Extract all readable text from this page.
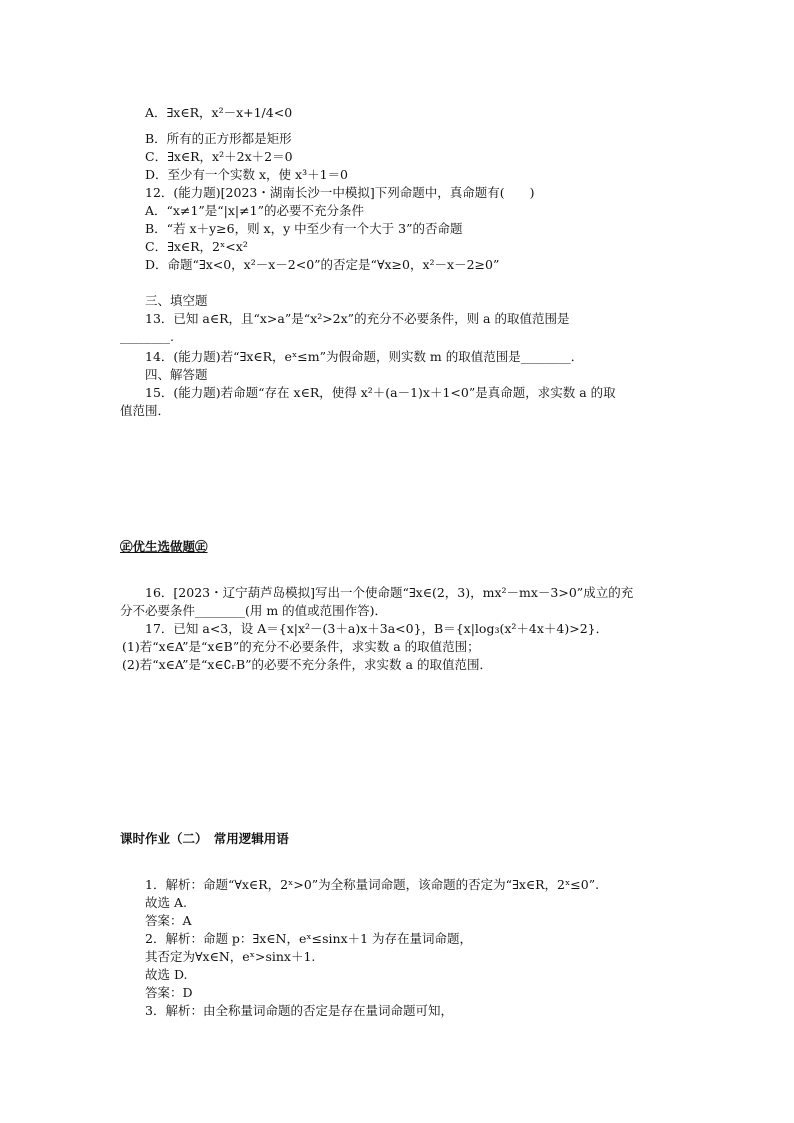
A．∃x∈R，x²－x+1/4<0
B．所有的正方形都是矩形
C．∃x∈R，x²＋2x＋2＝0
D．至少有一个实数 x，使 x³＋1＝0
12．(能力题)[2023・湖南长沙一中模拟]下列命题中，真命题有(　　)
A．“x≠1”是“|x|≠1”的必要不充分条件
B．“若 x＋y≥6，则 x，y 中至少有一个大于 3”的否命题
C．∃x∈R，2ˣ<x²
D．命题“∃x<0，x²－x－2<0”的否定是“∀x≥0，x²－x－2≥0”
三、填空题
13．已知 a∈R，且“x>a”是“x²>2x”的充分不必要条件，则 a 的取值范围是
________.
14．(能力题)若“∃x∈R，eˣ≤m”为假命题，则实数 m 的取值范围是________．
四、解答题
15．(能力题)若命题“存在 x∈R，使得 x²＋(a－1)x＋1<0”是真命题，求实数 a 的取
值范围．
㊣优生选做题㊣
16．[2023・辽宁葫芦岛模拟]写出一个使命题“∃x∈(2，3)，mx²－mx－3>0”成立的充
分不必要条件________(用 m 的值或范围作答)．
17．已知 a<3，设 A＝{x|x²－(3＋a)x＋3a<0}，B＝{x|log₃(x²＋4x＋4)>2}．
(1)若“x∈A”是“x∈B”的充分不必要条件，求实数 a 的取值范围；
(2)若“x∈A”是“x∈∁ᵣB”的必要不充分条件，求实数 a 的取值范围．
课时作业（二）　常用逻辑用语
1．解析：命题“∀x∈R，2ˣ>0”为全称量词命题，该命题的否定为“∃x∈R，2ˣ≤0”.
故选 A.
答案：A
2．解析：命题 p：∃x∈N，eˣ≤sinx＋1 为存在量词命题，
其否定为∀x∈N，eˣ>sinx＋1.
故选 D.
答案：D
3．解析：由全称量词命题的否定是存在量词命题可知，
